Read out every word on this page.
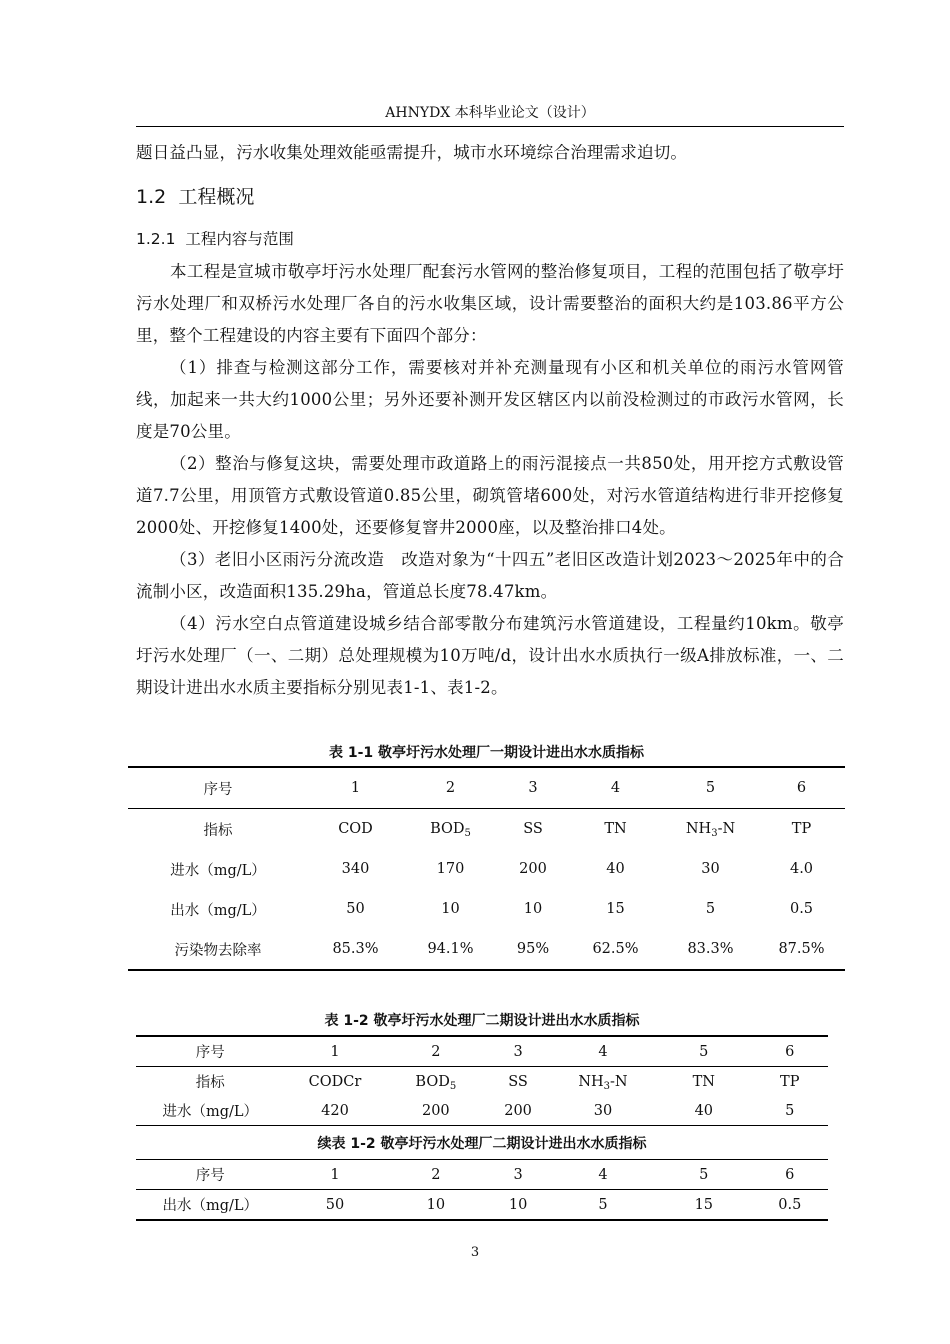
AHNYDX 本科毕业论文（设计）

题日益凸显，污水收集处理效能亟需提升，城市水环境综合治理需求迫切。

1.2 工程概况
1.2.1 工程内容与范围

本工程是宣城市敬亭圩污水处理厂配套污水管网的整治修复项目，工程的范围包括了敬亭圩污水处理厂和双桥污水处理厂各自的污水收集区域，设计需要整治的面积大约是103.86平方公里，整个工程建设的内容主要有下面四个部分：

（1）排查与检测这部分工作，需要核对并补充测量现有小区和机关单位的雨污水管网管线，加起来一共大约1000公里；另外还要补测开发区辖区内以前没检测过的市政污水管网，长度是70公里。

（2）整治与修复这块，需要处理市政道路上的雨污混接点一共850处，用开挖方式敷设管道7.7公里，用顶管方式敷设管道0.85公里，砌筑管堵600处，对污水管道结构进行非开挖修复2000处、开挖修复1400处，还要修复窨井2000座，以及整治排口4处。

（3）老旧小区雨污分流改造　改造对象为“十四五”老旧区改造计划2023～2025年中的合流制小区，改造面积135.29ha，管道总长度78.47km。

（4）污水空白点管道建设城乡结合部零散分布建筑污水管道建设，工程量约10km。敬亭圩污水处理厂（一、二期）总处理规模为10万吨/d，设计出水水质执行一级A排放标准，一、二期设计进出水水质主要指标分别见表1-1、表1-2。

表 1-1 敬亭圩污水处理厂一期设计进出水水质指标
序号	1	2	3	4	5	6
指标	COD	$BOD_5$	SS	TN	$NH_3-N$	TP
进水（mg/L）	340	170	200	40	30	4.0
出水（mg/L）	50	10	10	15	5	0.5
污染物去除率	85.3%	94.1%	95%	62.5%	83.3%	87.5%
表 1-2 敬亭圩污水处理厂二期设计进出水水质指标
序号	1	2	3	4	5	6
指标	CODCr	$BOD_5$	SS	$NH_3-N$	TN	TP
进水（mg/L）	420	200	200	30	40	5
续表 1-2 敬亭圩污水处理厂二期设计进出水水质指标
序号	1	2	3	4	5	6
出水（mg/L）	50	10	10	5	15	0.5
3
